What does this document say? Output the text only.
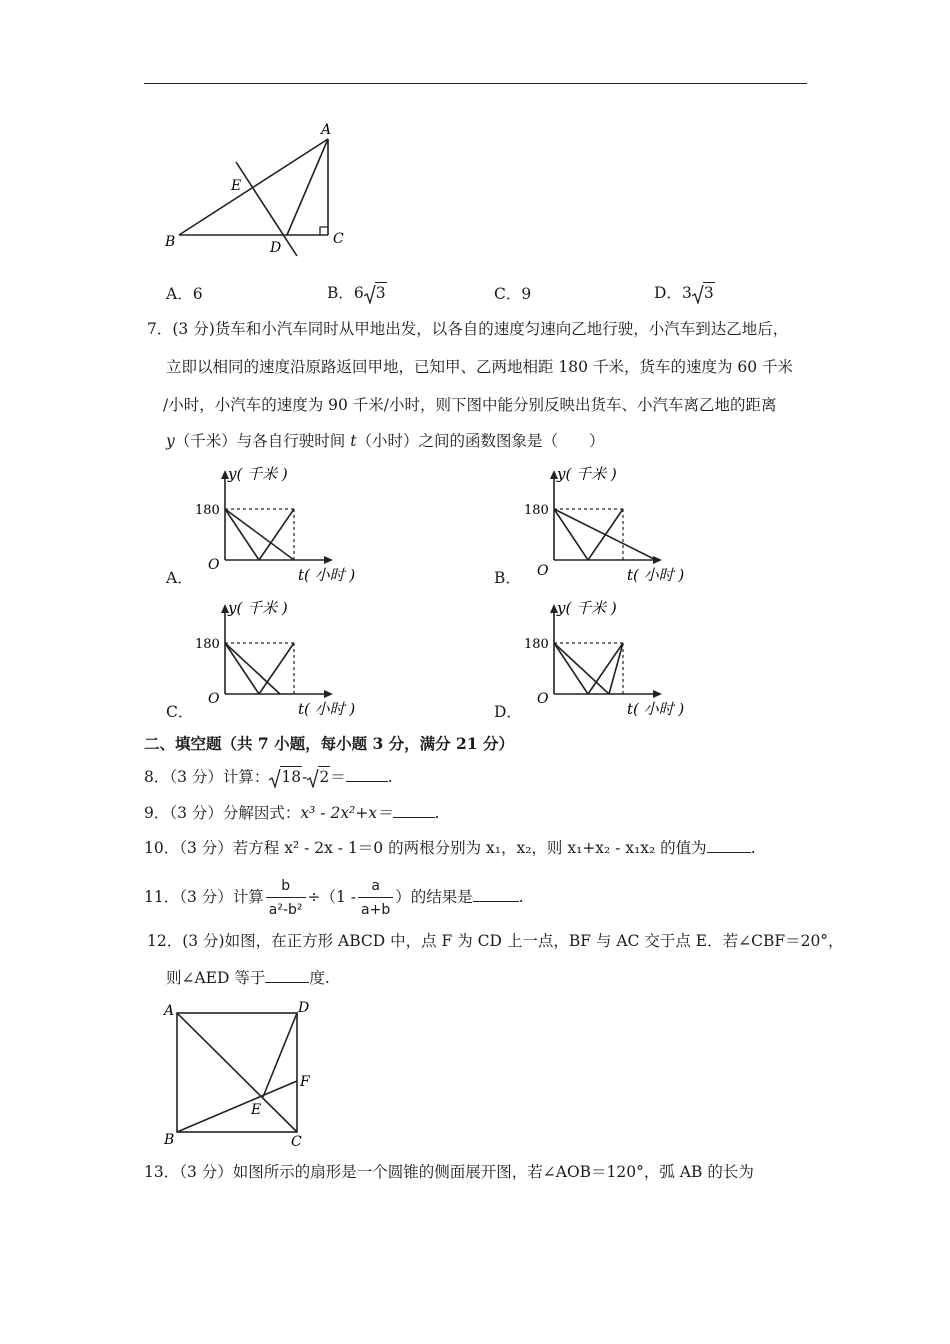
A
E
B	D
C
A．6	B．6 3	C．9	D．3 3
7．(3 分)货车和小汽车同时从甲地出发，以各自的速度匀速向乙地行驶，小汽车到达乙地后，
立即以相同的速度沿原路返回甲地，已知甲、乙两地相距 180 千米，货车的速度为 60 千米
/小时，小汽车的速度为 90 千米/小时，则下图中能分别反映出货车、小汽车离乙地的距离
y（千米）与各自行驶时间 t（小时）之间的函数图象是（　　）
y( 千米 )
180
O
t( 小时 )
A．
y( 千米 )
180
O	t( 小时 )
B．
y( 千米 )
180
O
t( 小时 )
C．
y( 千米 )
180
O
t( 小时 )
D．
二、填空题（共 7 小题，每小题 3 分，满分 21 分）
8．（3 分）计算： 18- 2＝	.
9．（3 分）分解因式：x³ - 2x²+x＝	.
10．（3 分）若方程 x² - 2x - 1＝0 的两根分别为 x₁，x₂，则 x₁+x₂ - x₁x₂ 的值为	.
11．（3 分）计算 $\frac{b}{\text{a²-b²}} \div(1 - \frac{a}{a+b}$ ）的结果是	.
12．(3 分)如图，在正方形 ABCD 中，点 F 为 CD 上一点，BF 与 AC 交于点 E．若∠CBF＝20°，
则∠AED 等于	度.
A	D
F
E
B	C
13．（3 分）如图所示的扇形是一个圆锥的侧面展开图，若∠AOB＝120°，弧 AB 的长为
